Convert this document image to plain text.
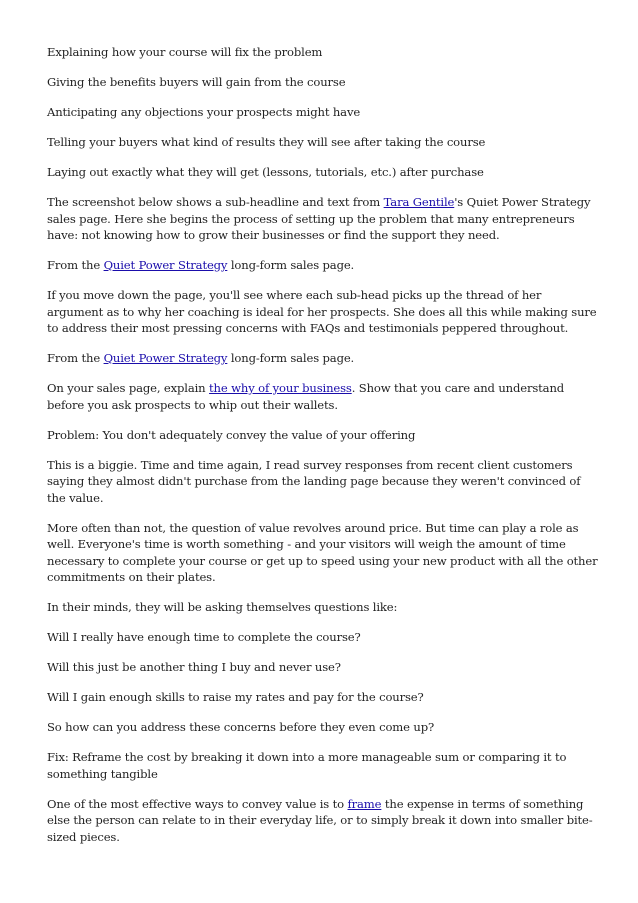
Explaining how your course will fix the problem

Giving the benefits buyers will gain from the course

Anticipating any objections your prospects might have

Telling your buyers what kind of results they will see after taking the course

Laying out exactly what they will get (lessons, tutorials, etc.) after purchase

The screenshot below shows a sub-headline and text from Tara Gentile's Quiet Power Strategy sales page. Here she begins the process of setting up the problem that many entrepreneurs have: not knowing how to grow their businesses or find the support they need.

From the Quiet Power Strategy long-form sales page.

If you move down the page, you'll see where each sub-head picks up the thread of her argument as to why her coaching is ideal for her prospects. She does all this while making sure to address their most pressing concerns with FAQs and testimonials peppered throughout.

From the Quiet Power Strategy long-form sales page.

On your sales page, explain the why of your business. Show that you care and understand before you ask prospects to whip out their wallets.

Problem: You don't adequately convey the value of your offering

This is a biggie. Time and time again, I read survey responses from recent client customers saying they almost didn't purchase from the landing page because they weren't convinced of the value.

More often than not, the question of value revolves around price. But time can play a role as well. Everyone's time is worth something - and your visitors will weigh the amount of time necessary to complete your course or get up to speed using your new product with all the other commitments on their plates.

In their minds, they will be asking themselves questions like:

Will I really have enough time to complete the course?

Will this just be another thing I buy and never use?

Will I gain enough skills to raise my rates and pay for the course?

So how can you address these concerns before they even come up?

Fix: Reframe the cost by breaking it down into a more manageable sum or comparing it to something tangible

One of the most effective ways to convey value is to frame the expense in terms of something else the person can relate to in their everyday life, or to simply break it down into smaller bite-sized pieces.
